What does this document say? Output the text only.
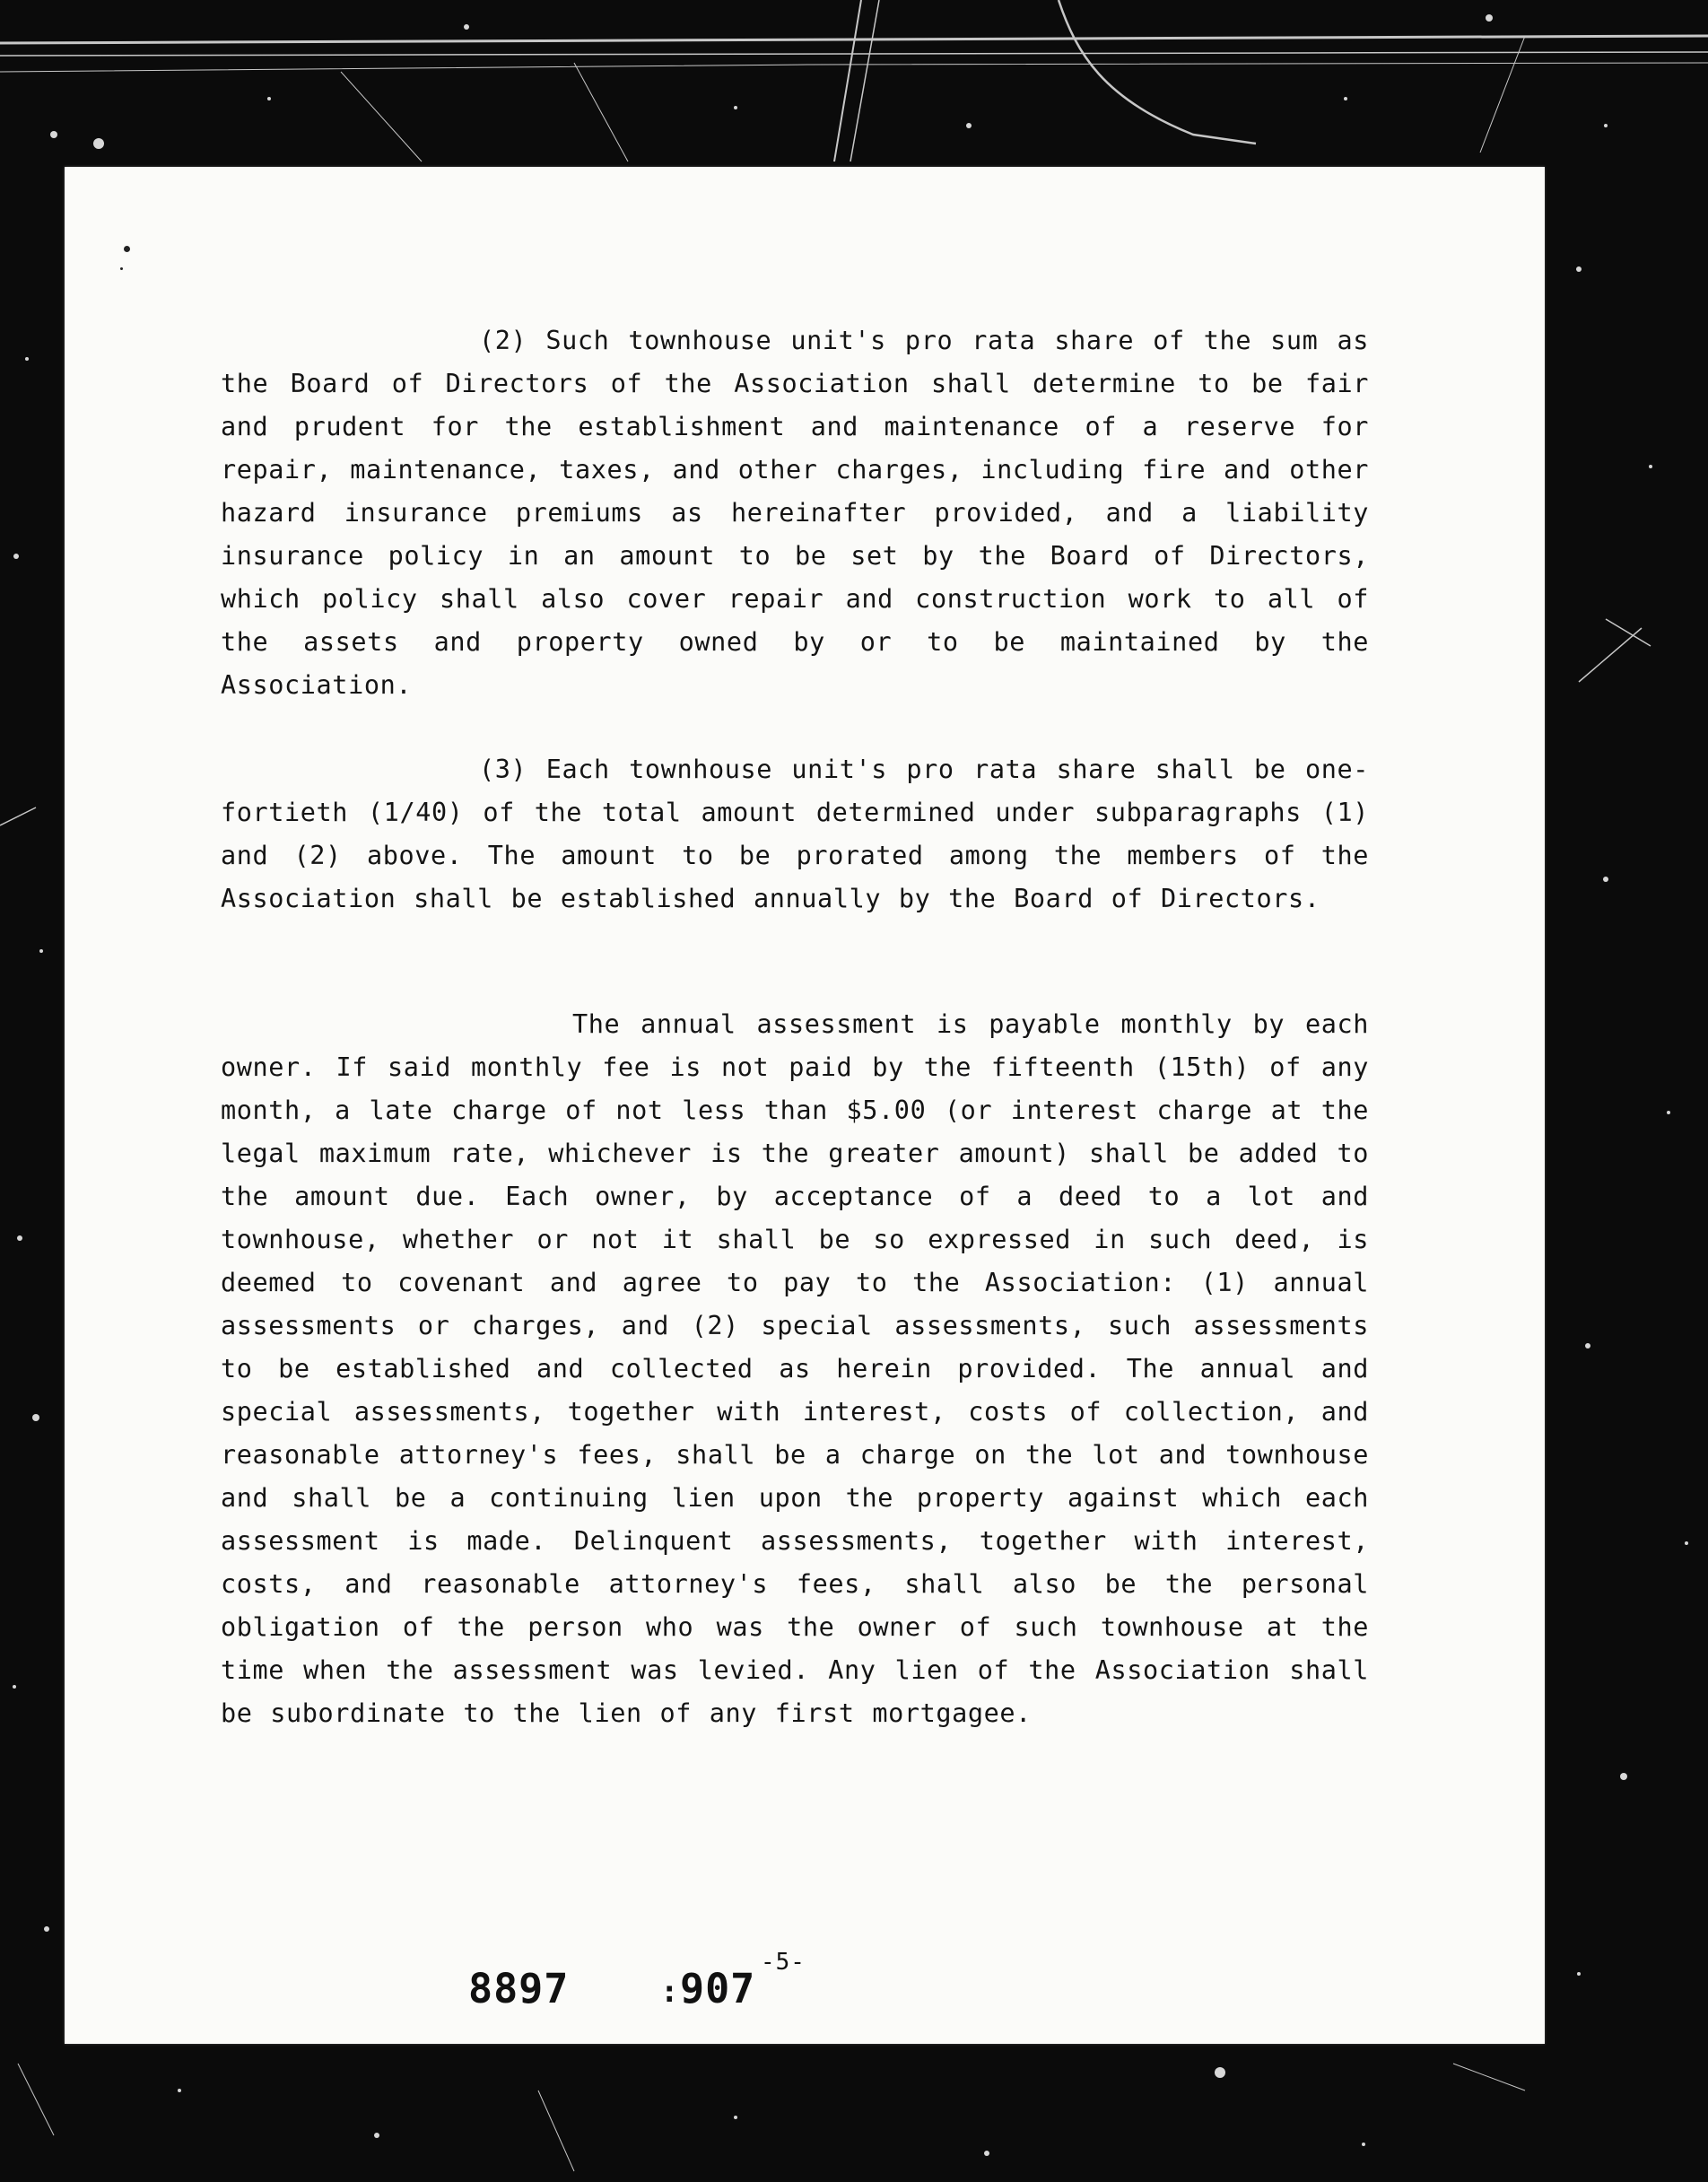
(2) Such townhouse unit's pro rata share of the sum as the Board of Directors of the Association shall determine to be fair and prudent for the establishment and maintenance of a reserve for repair, maintenance, taxes, and other charges, including fire and other hazard insurance premiums as hereinafter provided, and a liability insurance policy in an amount to be set by the Board of Directors, which policy shall also cover repair and construction work to all of the assets and property owned by or to be maintained by the Association.

(3) Each townhouse unit's pro rata share shall be one-fortieth (1/40) of the total amount determined under subparagraphs (1) and (2) above. The amount to be prorated among the members of the Association shall be established annually by the Board of Directors.

The annual assessment is payable monthly by each owner. If said monthly fee is not paid by the fifteenth (15th) of any month, a late charge of not less than $5.00 (or interest charge at the legal maximum rate, whichever is the greater amount) shall be added to the amount due. Each owner, by acceptance of a deed to a lot and townhouse, whether or not it shall be so expressed in such deed, is deemed to covenant and agree to pay to the Association: (1) annual assessments or charges, and (2) special assessments, such assessments to be established and collected as herein provided. The annual and special assessments, together with interest, costs of collection, and reasonable attorney's fees, shall be a charge on the lot and townhouse and shall be a continuing lien upon the property against which each assessment is made. Delinquent assessments, together with interest, costs, and reasonable attorney's fees, shall also be the personal obligation of the person who was the owner of such townhouse at the time when the assessment was levied. Any lien of the Association shall be subordinate to the lien of any first mortgagee.

8897	: 907
-5-
